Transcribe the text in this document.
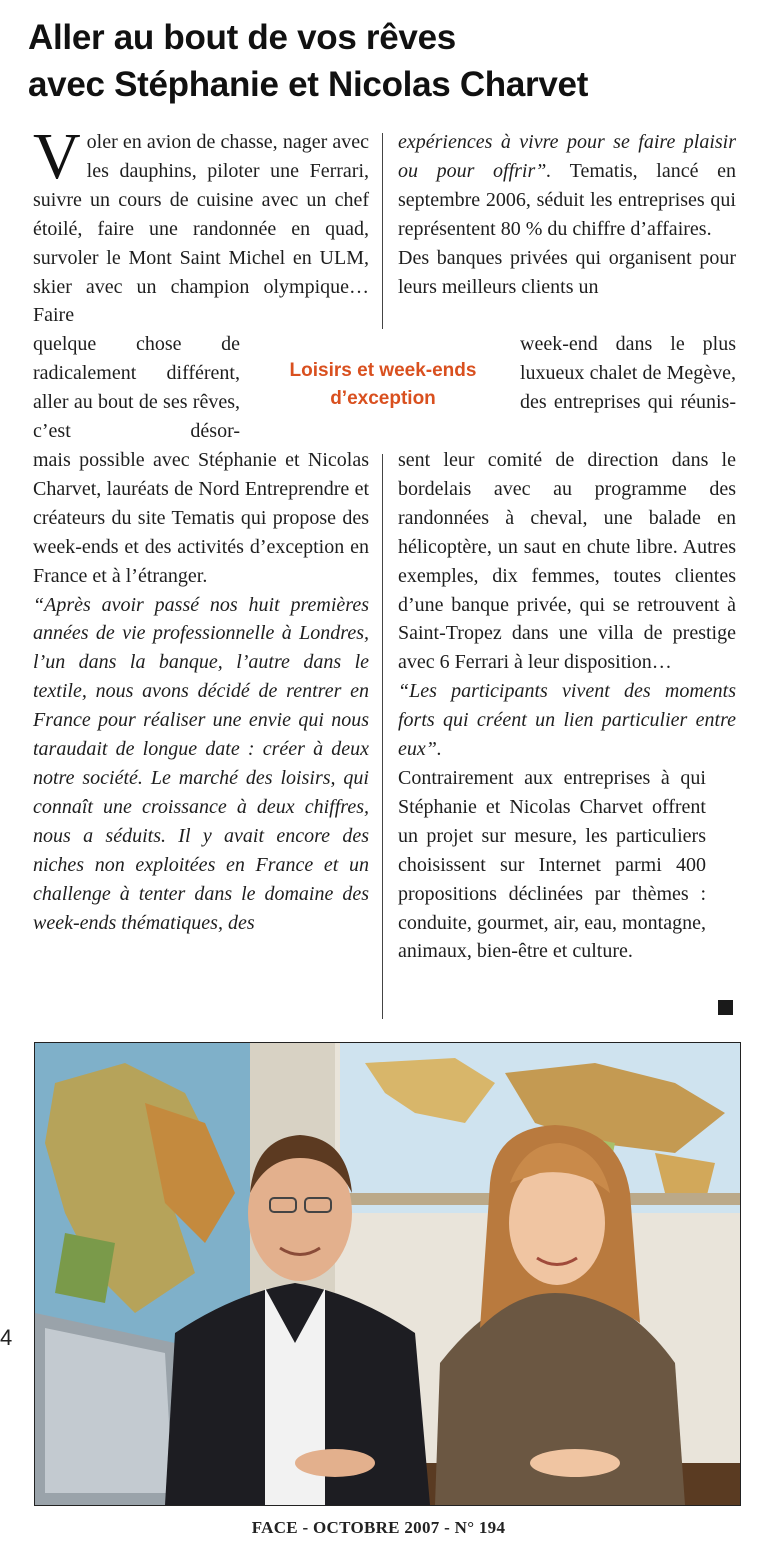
Aller au bout de vos rêves
avec Stéphanie et Nicolas Charvet
V oler en avion de chasse, nager avec les dauphins, piloter une Ferrari, suivre un cours de cuisine avec un chef étoilé, faire une randonnée en quad, survoler le Mont Saint Michel en ULM, skier avec un champion olympique… Faire

quelque chose de radicalement différent, aller au bout de ses rêves, c’est désor-

mais possible avec Stéphanie et Nicolas Charvet, lauréats de Nord Entreprendre et créateurs du site Tematis qui propose des week-ends et des activités d’exception en France et à l’étranger.

“Après avoir passé nos huit premières années de vie professionnelle à Londres, l’un dans la banque, l’autre dans le textile, nous avons décidé de rentrer en France pour réaliser une envie qui nous taraudait de longue date : créer à deux notre société. Le marché des loisirs, qui connaît une croissance à deux chiffres, nous a séduits. Il y avait encore des niches non exploitées en France et un challenge à tenter dans le domaine des week-ends thématiques, des

expériences à vivre pour se faire plaisir ou pour offrir”. Tematis, lancé en septembre 2006, séduit les entreprises qui représentent 80 % du chiffre d’affaires.

Des banques privées qui organisent pour leurs meilleurs clients un

week-end dans le plus luxueux chalet de Megève, des entreprises qui réunis-

sent leur comité de direction dans le bordelais avec au programme des randonnées à cheval, une balade en hélicoptère, un saut en chute libre. Autres exemples, dix femmes, toutes clientes d’une banque privée, qui se retrouvent à Saint-Tropez dans une villa de prestige avec 6 Ferrari à leur disposition…

“Les participants vivent des moments forts qui créent un lien particulier entre eux”.

Contrairement aux entreprises à qui Stéphanie et Nicolas Charvet offrent un projet sur mesure, les particuliers choisissent sur Internet parmi 400 propositions déclinées par thèmes : conduite, gourmet, air, eau, montagne, animaux, bien-être et culture.

Loisirs et week-ends
d’exception
4
FACE - OCTOBRE 2007 - N° 194
